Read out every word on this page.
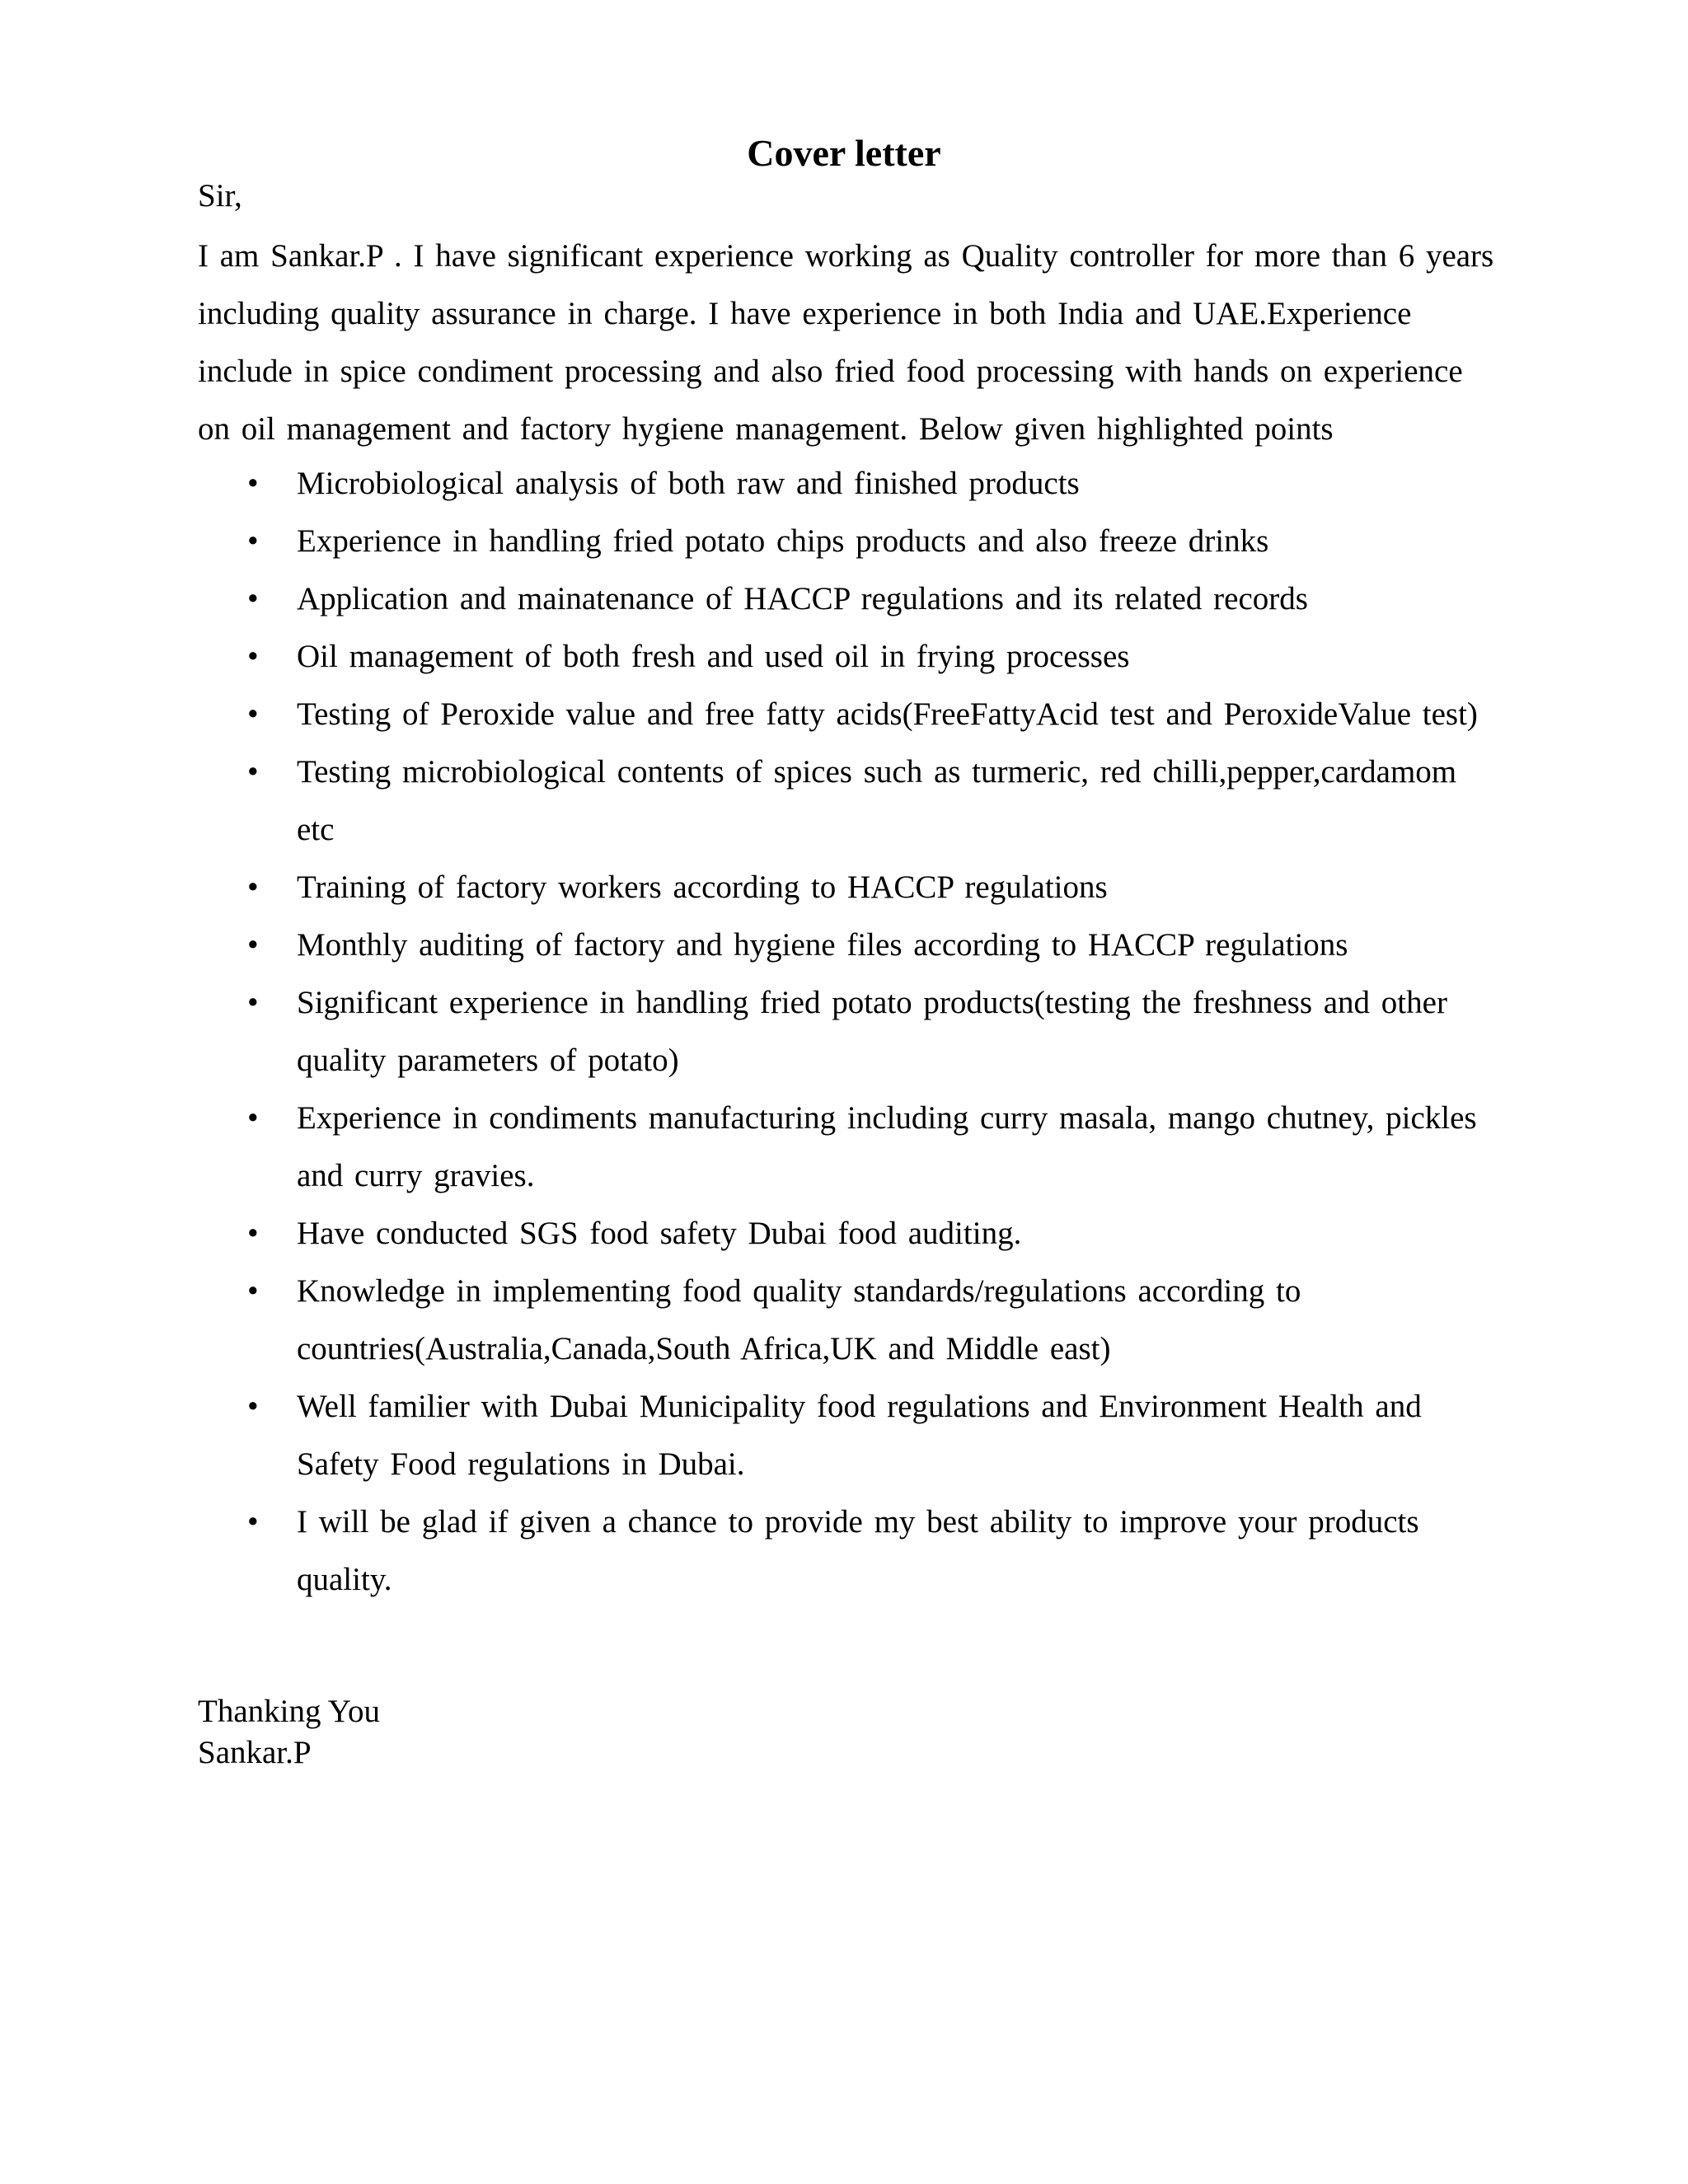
Cover letter
Sir,
I am Sankar.P . I have significant experience working as Quality controller for more than 6 years
including quality assurance in charge. I have experience in both India and UAE.Experience
include in spice condiment processing and also fried food processing with hands on experience
on oil management and factory hygiene management. Below given highlighted points
•	Microbiological analysis of both raw and finished products
•	Experience in handling fried potato chips products and also freeze drinks
•	Application and mainatenance of HACCP regulations and its related records
•	Oil management of both fresh and used oil in frying processes
•	Testing of Peroxide value and free fatty acids(FreeFattyAcid test and PeroxideValue test)
•	Testing microbiological contents of spices such as turmeric, red chilli,pepper,cardamom etc
•	Training of factory workers according to HACCP regulations
•	Monthly auditing of factory and hygiene files according to HACCP regulations
•	Significant experience in handling fried potato products(testing the freshness and other quality parameters of potato)
•	Experience in condiments manufacturing including curry masala, mango chutney, pickles and curry gravies.
•	Have conducted SGS food safety Dubai food auditing.
•	Knowledge in implementing food quality standards/regulations according to countries(Australia,Canada,South Africa,UK and Middle east)
•	Well familier with Dubai Municipality food regulations and Environment Health and Safety Food regulations in Dubai.
•	I will be glad if given a chance to provide my best ability to improve your products quality.
Thanking You
Sankar.P
